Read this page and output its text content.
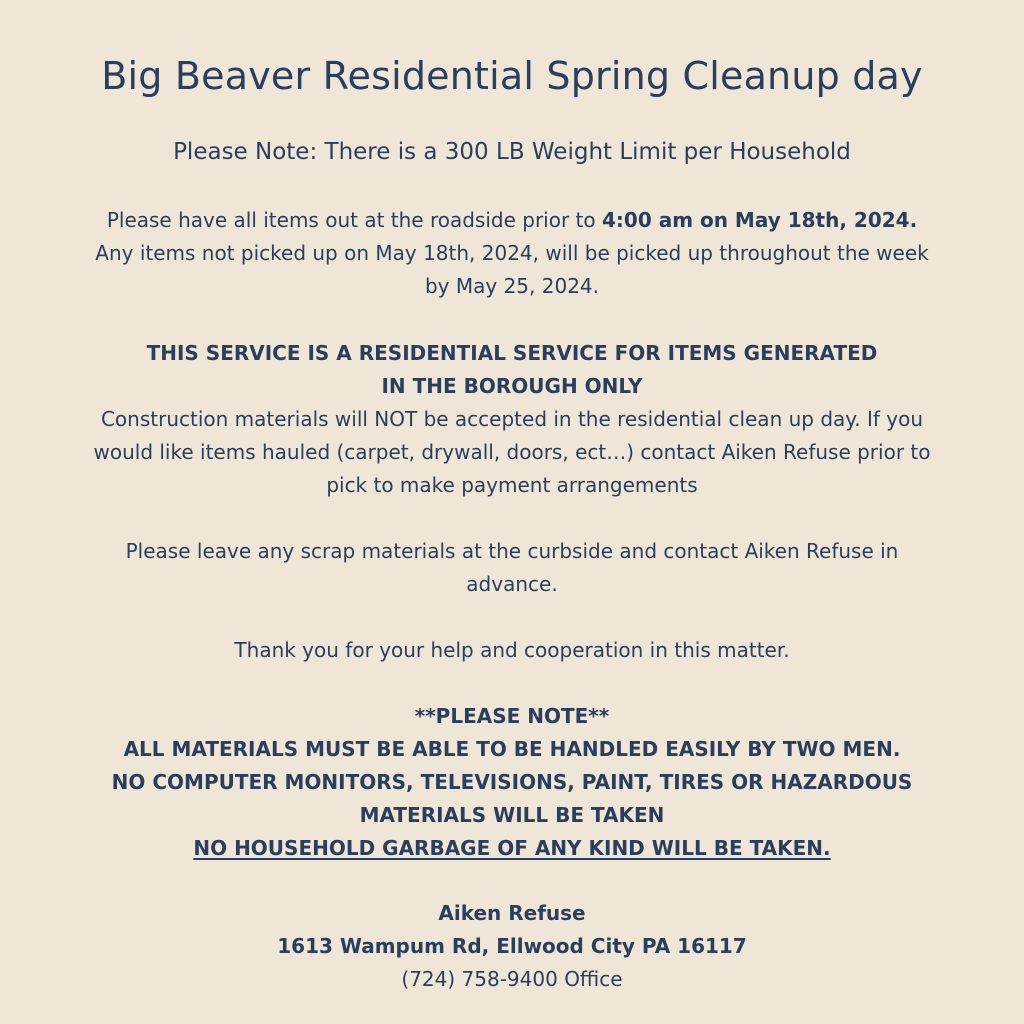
Big Beaver Residential Spring Cleanup day

Please Note: There is a 300 LB Weight Limit per Household

Please have all items out at the roadside prior to 4:00 am on May 18th, 2024.
Any items not picked up on May 18th, 2024, will be picked up throughout the week
by May 25, 2024.
THIS SERVICE IS A RESIDENTIAL SERVICE FOR ITEMS GENERATED
IN THE BOROUGH ONLY
Construction materials will NOT be accepted in the residential clean up day. If you
would like items hauled (carpet, drywall, doors, ect…) contact Aiken Refuse prior to
pick to make payment arrangements
Please leave any scrap materials at the curbside and contact Aiken Refuse in
advance.

Thank you for your help and cooperation in this matter.

**PLEASE NOTE**
ALL MATERIALS MUST BE ABLE TO BE HANDLED EASILY BY TWO MEN.
NO COMPUTER MONITORS, TELEVISIONS, PAINT, TIRES OR HAZARDOUS
MATERIALS WILL BE TAKEN
NO HOUSEHOLD GARBAGE OF ANY KIND WILL BE TAKEN.
Aiken Refuse
1613 Wampum Rd, Ellwood City PA 16117
(724) 758-9400 Office
